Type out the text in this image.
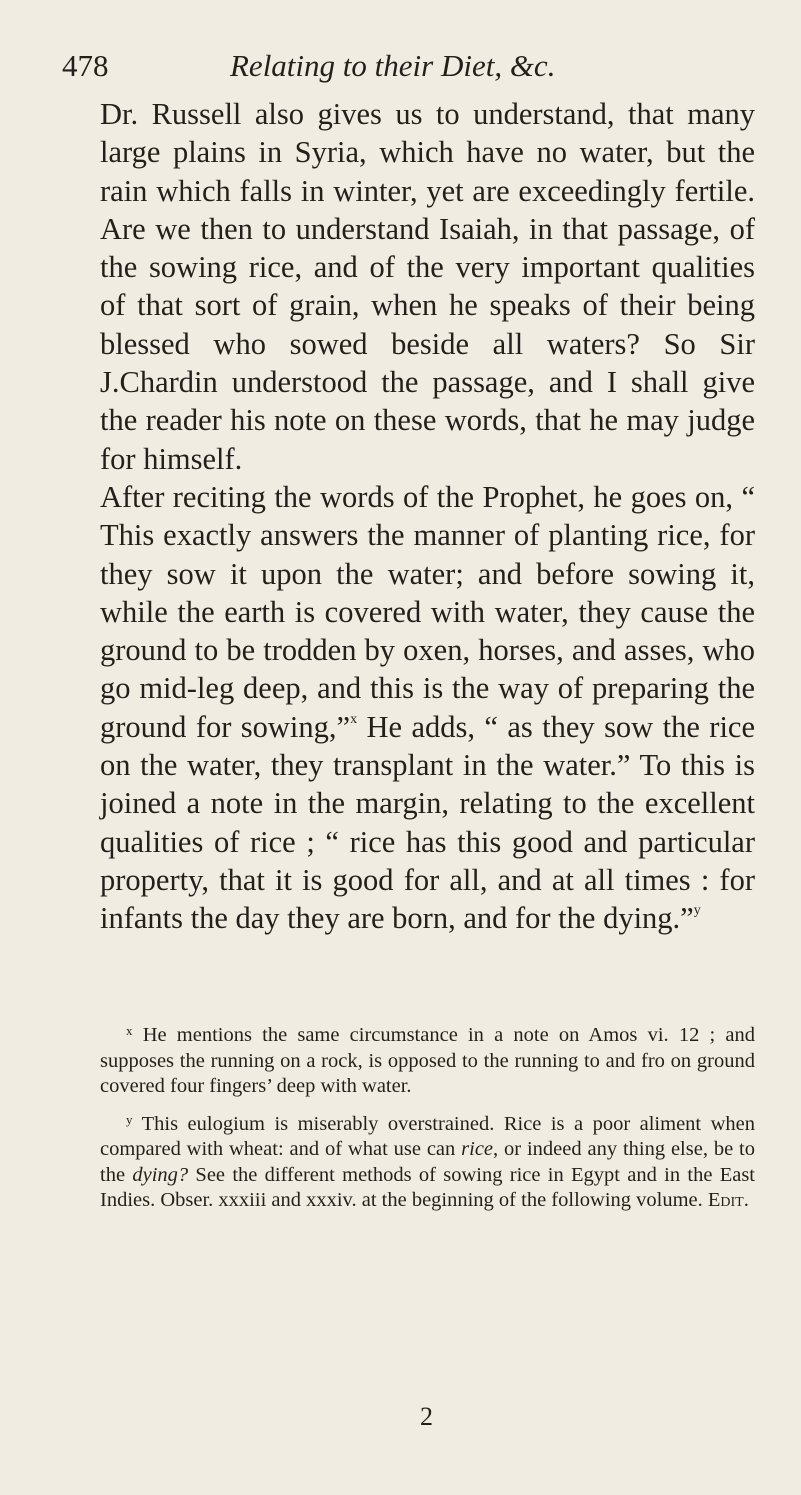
478	Relating to their Diet, &c.

Dr. Russell also gives us to understand, that many large plains in Syria, which have no water, but the rain which falls in winter, yet are exceedingly fertile. Are we then to understand Isaiah, in that passage, of the sowing rice, and of the very important qualities of that sort of grain, when he speaks of their being blessed who sowed beside all waters? So Sir J.Chardin understood the passage, and I shall give the reader his note on these words, that he may judge for himself.

After reciting the words of the Prophet, he goes on, “ This exactly answers the manner of planting rice, for they sow it upon the water; and before sowing it, while the earth is covered with water, they cause the ground to be trodden by oxen, horses, and asses, who go mid-leg deep, and this is the way of preparing the ground for sowing,”$^x$ He adds, “ as they sow the rice on the water, they transplant in the water.” To this is joined a note in the margin, relating to the excellent qualities of rice ; “ rice has this good and particular property, that it is good for all, and at all times : for infants the day they are born, and for the dying.”$^y$

$^x$ He mentions the same circumstance in a note on Amos vi. 12 ; and supposes the running on a rock, is opposed to the running to and fro on ground covered four fingers’ deep with water.

$^y$ This eulogium is miserably overstrained. Rice is a poor aliment when compared with wheat: and of what use can rice, or indeed any thing else, be to the dying? See the different methods of sowing rice in Egypt and in the East Indies. Obser. xxxiii and xxxiv. at the beginning of the following volume. Edit.

2
